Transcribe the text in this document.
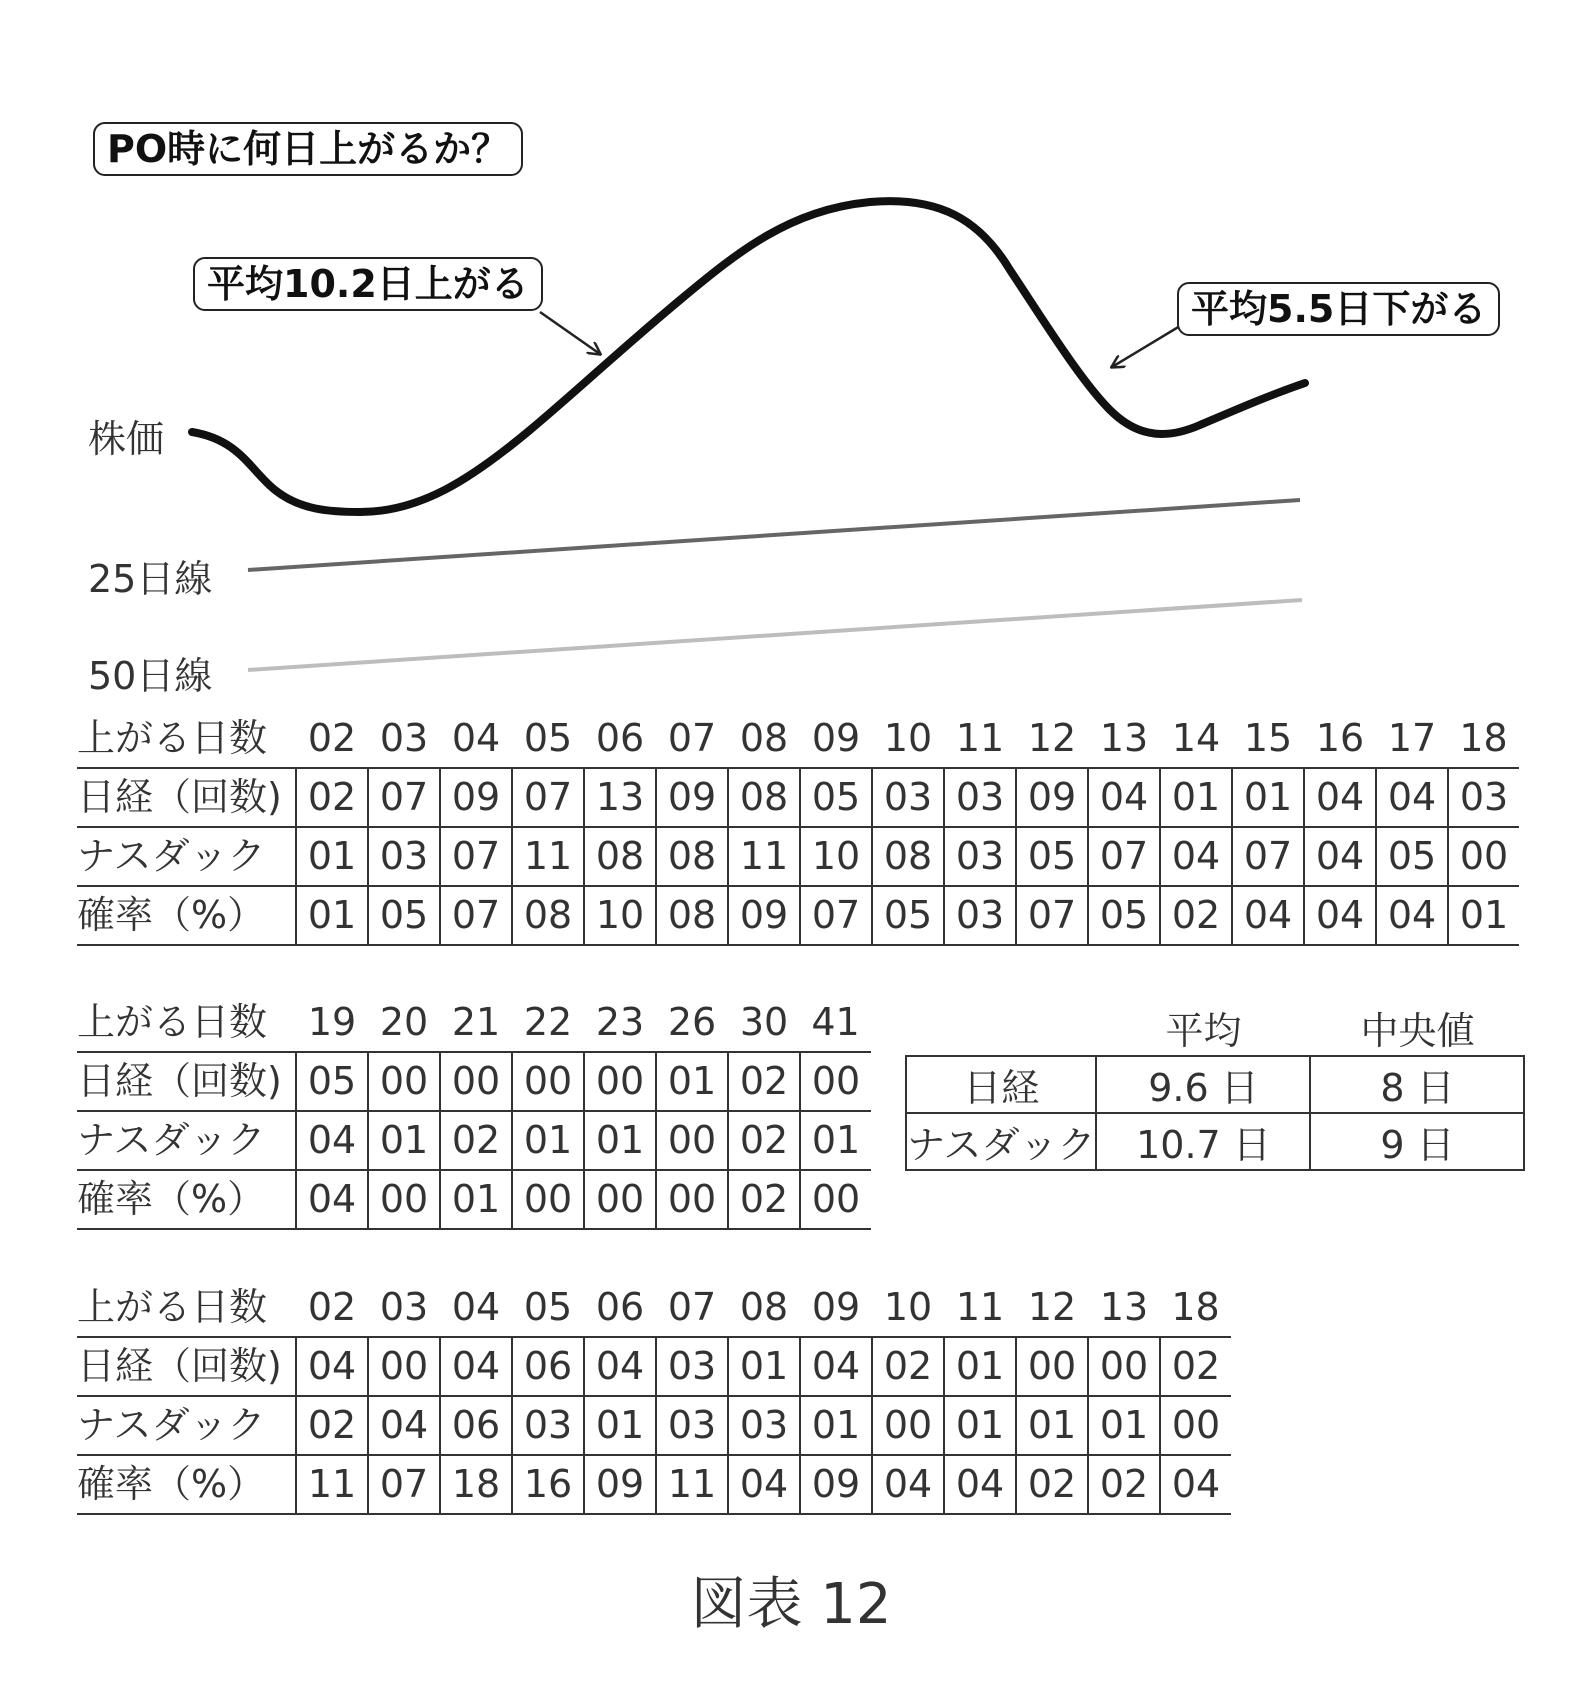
PO時に何日上がるか？
平均10.2日上がる
平均5.5日下がる
株価
25日線
50日線
上がる日数	02	03	04	05	06	07	08	09	10	11	12	13	14	15	16	17	18
日経（回数)	02	07	09	07	13	09	08	05	03	03	09	04	01	01	04	04	03
ナスダック	01	03	07	11	08	08	11	10	08	03	05	07	04	07	04	05	00
確率（%）	01	05	07	08	10	08	09	07	05	03	07	05	02	04	04	04	01
上がる日数	19	20	21	22	23	26	30	41
日経（回数)	05	00	00	00	00	01	02	00
ナスダック	04	01	02	01	01	00	02	01
確率（%）	04	00	01	00	00	00	02	00
上がる日数	02	03	04	05	06	07	08	09	10	11	12	13	18
日経（回数)	04	00	04	06	04	03	01	04	02	01	00	00	02
ナスダック	02	04	06	03	01	03	03	01	00	01	01	01	00
確率（%）	11	07	18	16	09	11	04	09	04	04	02	02	04
	平均	中央値
日経	9.6 日	8 日
ナスダック	10.7 日	9 日
図表 12
